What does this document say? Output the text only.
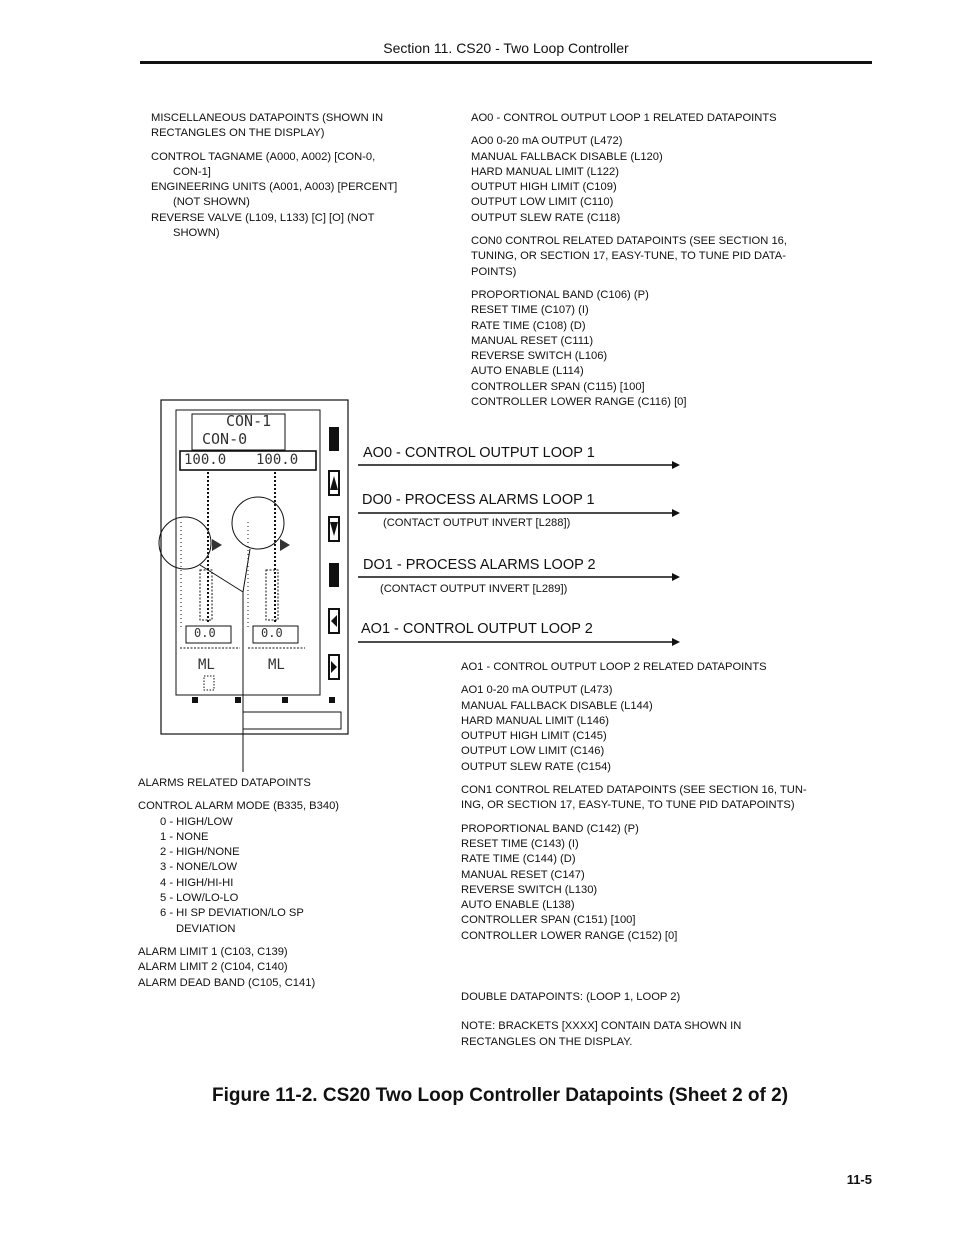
Section 11. CS20 - Two Loop Controller
MISCELLANEOUS DATAPOINTS (SHOWN IN
RECTANGLES ON THE DISPLAY)
CONTROL TAGNAME (A000, A002) [CON-0,
CON-1]
ENGINEERING UNITS (A001, A003) [PERCENT]
(NOT SHOWN)
REVERSE VALVE (L109, L133) [C] [O] (NOT
SHOWN)
AO0 - CONTROL OUTPUT LOOP 1 RELATED DATAPOINTS
AO0 0-20 mA OUTPUT (L472)
MANUAL FALLBACK DISABLE (L120)
HARD MANUAL LIMIT (L122)
OUTPUT HIGH LIMIT (C109)
OUTPUT LOW LIMIT (C110)
OUTPUT SLEW RATE (C118)
CON0 CONTROL RELATED DATAPOINTS (SEE SECTION 16,
TUNING, OR SECTION 17, EASY-TUNE, TO TUNE PID DATA-
POINTS)
PROPORTIONAL BAND (C106) (P)
RESET TIME (C107) (I)
RATE TIME (C108) (D)
MANUAL RESET (C111)
REVERSE SWITCH (L106)
AUTO ENABLE (L114)
CONTROLLER SPAN (C115) [100]
CONTROLLER LOWER RANGE (C116) [0]
CON-1
CON-0
100.0 100.0
0.0	0.0
ML	ML
AO0 - CONTROL OUTPUT LOOP 1
DO0 - PROCESS ALARMS LOOP 1
(CONTACT OUTPUT INVERT [L288])
DO1 - PROCESS ALARMS LOOP 2
(CONTACT OUTPUT INVERT [L289])
AO1 - CONTROL OUTPUT LOOP 2
AO1 - CONTROL OUTPUT LOOP 2 RELATED DATAPOINTS
AO1 0-20 mA OUTPUT (L473)
MANUAL FALLBACK DISABLE (L144)
HARD MANUAL LIMIT (L146)
OUTPUT HIGH LIMIT (C145)
OUTPUT LOW LIMIT (C146)
OUTPUT SLEW RATE (C154)
CON1 CONTROL RELATED DATAPOINTS (SEE SECTION 16, TUN-
ING, OR SECTION 17, EASY-TUNE, TO TUNE PID DATAPOINTS)
PROPORTIONAL BAND (C142) (P)
RESET TIME (C143) (I)
RATE TIME (C144) (D)
MANUAL RESET (C147)
REVERSE SWITCH (L130)
AUTO ENABLE (L138)
CONTROLLER SPAN (C151) [100]
CONTROLLER LOWER RANGE (C152) [0]
DOUBLE DATAPOINTS: (LOOP 1, LOOP 2)
NOTE: BRACKETS [XXXX] CONTAIN DATA SHOWN IN
RECTANGLES ON THE DISPLAY.
ALARMS RELATED DATAPOINTS
CONTROL ALARM MODE (B335, B340)
0 - HIGH/LOW
1 - NONE
2 - HIGH/NONE
3 - NONE/LOW
4 - HIGH/HI-HI
5 - LOW/LO-LO
6 - HI SP DEVIATION/LO SP
DEVIATION
ALARM LIMIT 1 (C103, C139)
ALARM LIMIT 2 (C104, C140)
ALARM DEAD BAND (C105, C141)
Figure 11-2. CS20 Two Loop Controller Datapoints (Sheet 2 of 2)
11-5
